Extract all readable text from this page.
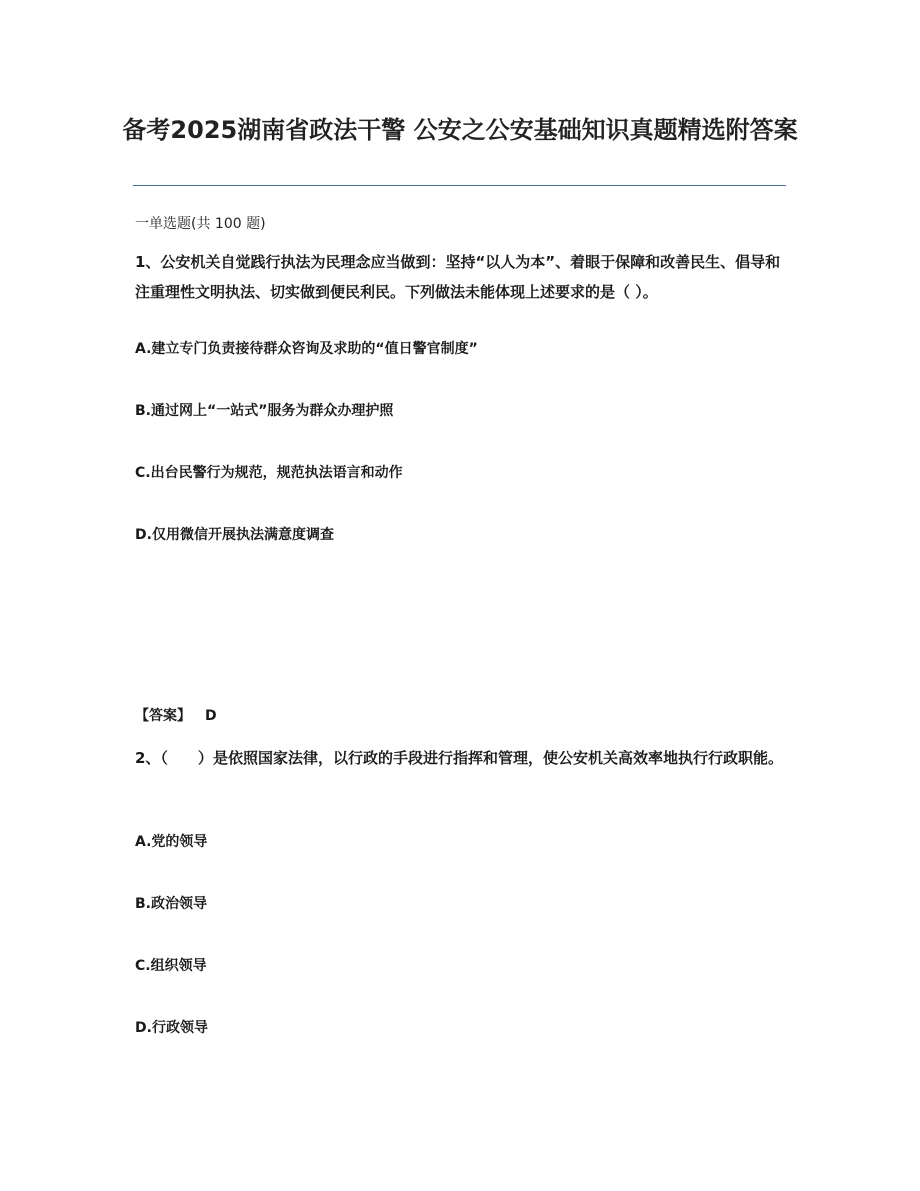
备考2025湖南省政法干警 公安之公安基础知识真题精选附答案
一单选题(共 100 题)
1、公安机关自觉践行执法为民理念应当做到：坚持“以人为本”、着眼于保障和改善民生、倡导和注重理性文明执法、切实做到便民利民。下列做法未能体现上述要求的是（ ）。
A.建立专门负责接待群众咨询及求助的“值日警官制度”
B.通过网上“一站式”服务为群众办理护照
C.出台民警行为规范，规范执法语言和动作
D.仅用微信开展执法满意度调查
【答案】 D
2、（　　）是依照国家法律，以行政的手段进行指挥和管理，使公安机关高效率地执行行政职能。
A.党的领导
B.政治领导
C.组织领导
D.行政领导
